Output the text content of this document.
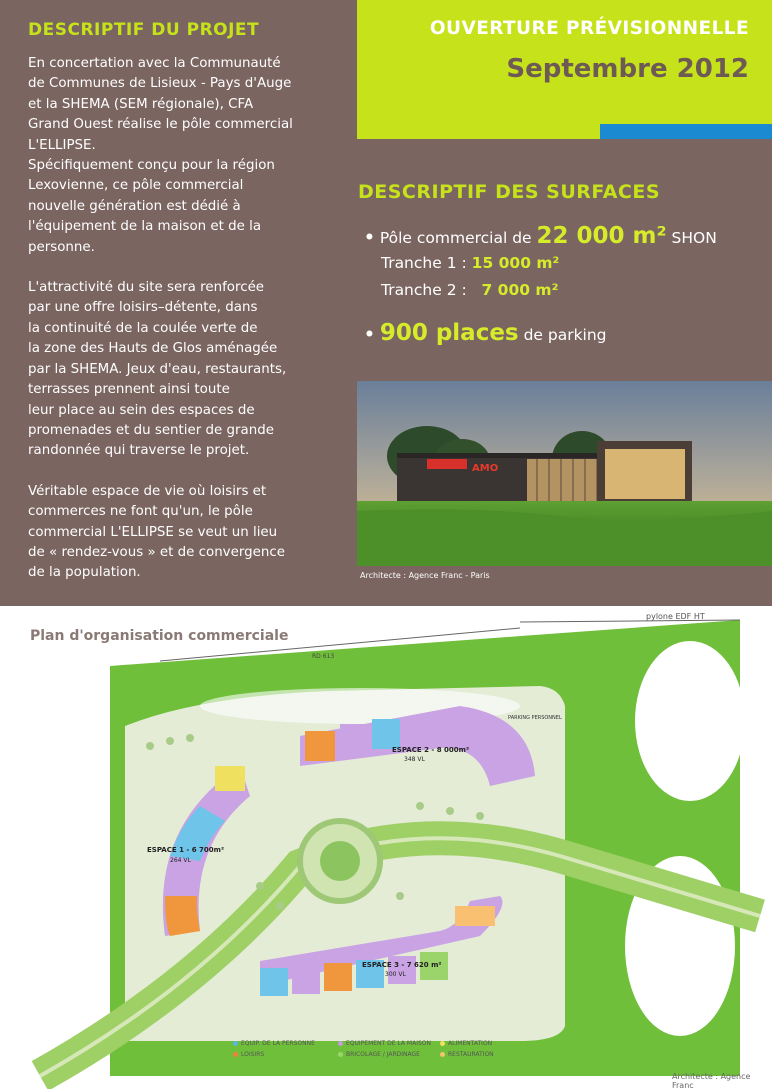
DESCRIPTIF DU PROJET

En concertation avec la Communauté
de Communes de Lisieux - Pays d'Auge
et la SHEMA (SEM régionale), CFA
Grand Ouest réalise le pôle commercial
L'ELLIPSE.

Spécifiquement conçu pour la région
Lexovienne, ce pôle commercial
nouvelle génération est dédié à
l'équipement de la maison et de la
personne.

L'attractivité du site sera renforcée
par une offre loisirs–détente, dans
la continuité de la coulée verte de
la zone des Hauts de Glos aménagée
par la SHEMA. Jeux d'eau, restaurants,
terrasses prennent ainsi toute
leur place au sein des espaces de
promenades et du sentier de grande
randonnée qui traverse le projet.

Véritable espace de vie où loisirs et
commerces ne font qu'un, le pôle
commercial L'ELLIPSE se veut un lieu
de « rendez-vous » et de convergence
de la population.

OUVERTURE PRÉVISIONNELLE
Septembre 2012
DESCRIPTIF DES SURFACES
• Pôle commercial de 22 000 m² SHON
Tranche 1 : 15 000 m²
Tranche 2 : 7 000 m²
• 900 places de parking
AMO
Architecte : Agence Franc - Paris
RD 613
ESPACE 2 - 8 000m²
348 VL
ESPACE 1 - 6 700m²
264 VL
ESPACE 3 - 7 620 m²
300 VL
PARKING PERSONNEL
Plan d'organisation commerciale
pylone EDF HT
EQUIP. DE LA PERSONNE
LOISIRS
EQUIPEMENT DE LA MAISON
BRICOLAGE / JARDINAGE
ALIMENTATION
RESTAURATION
Architecte : Agence Franc
